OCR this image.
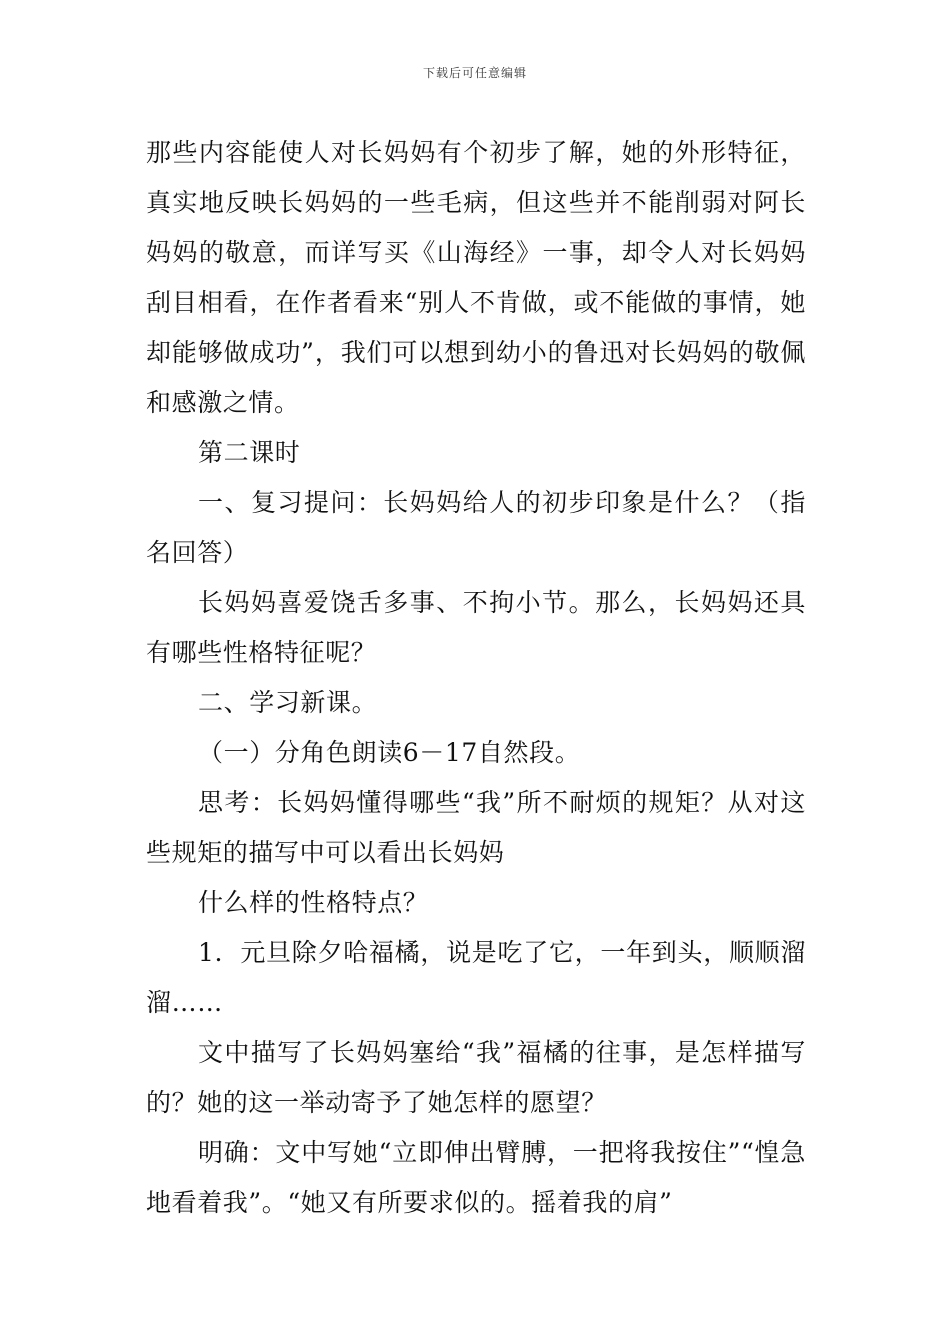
下载后可任意编辑

那些内容能使人对长妈妈有个初步了解，她的外形特征，真实地反映长妈妈的一些毛病，但这些并不能削弱对阿长妈妈的敬意，而详写买《山海经》一事，却令人对长妈妈刮目相看，在作者看来“别人不肯做，或不能做的事情，她却能够做成功”，我们可以想到幼小的鲁迅对长妈妈的敬佩和感激之情。

第二课时

一、复习提问：长妈妈给人的初步印象是什么？（指名回答）

长妈妈喜爱饶舌多事、不拘小节。那么，长妈妈还具有哪些性格特征呢？

二、学习新课。

（一）分角色朗读6－17自然段。

思考：长妈妈懂得哪些“我”所不耐烦的规矩？从对这些规矩的描写中可以看出长妈妈

什么样的性格特点？

1．元旦除夕哈福橘，说是吃了它，一年到头，顺顺溜溜……

文中描写了长妈妈塞给“我”福橘的往事，是怎样描写的？她的这一举动寄予了她怎样的愿望？

明确：文中写她“立即伸出臂膊，一把将我按住”“惶急地看着我”。“她又有所要求似的。摇着我的肩”
